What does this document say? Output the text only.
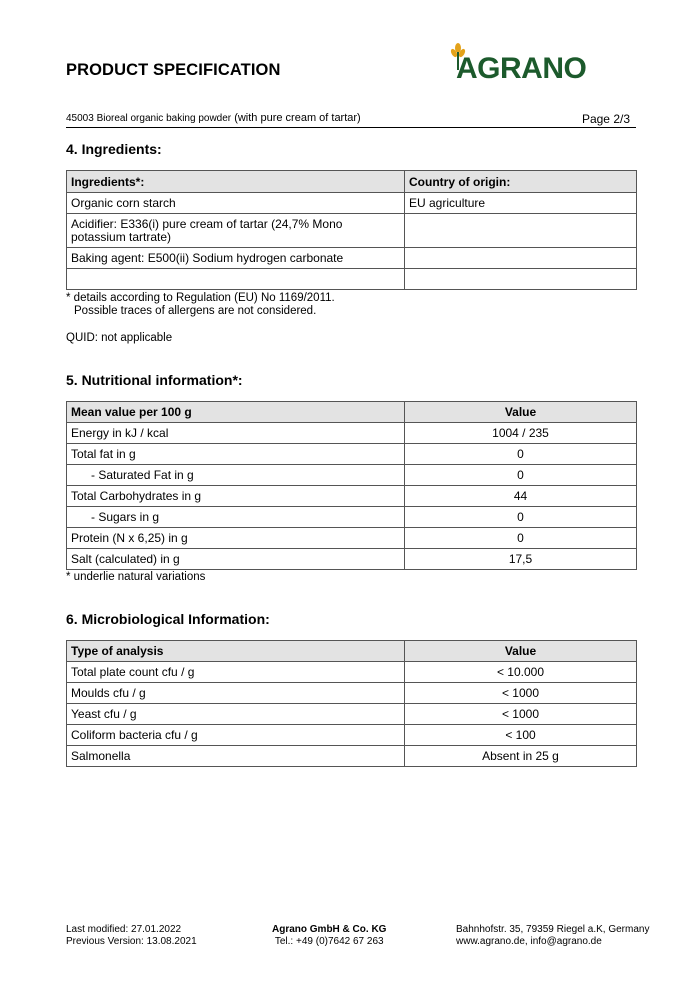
PRODUCT SPECIFICATION	AGRANO
45003 Bioreal organic baking powder (with pure cream of tartar)	Page 2/3
4. Ingredients:
Ingredients*:	Country of origin:
Organic corn starch	EU agriculture
Acidifier: E336(i) pure cream of tartar (24,7% Mono potassium tartrate)	
Baking agent: E500(ii) Sodium hydrogen carbonate	

* details according to Regulation (EU) No 1169/2011.
Possible traces of allergens are not considered.
QUID: not applicable
5. Nutritional information*:
Mean value per 100 g	Value
Energy in kJ / kcal	1004 / 235
Total fat in g	0
- Saturated Fat in g	0
Total Carbohydrates in g	44
- Sugars in g	0
Protein (N x 6,25) in g	0
Salt (calculated) in g	17,5
* underlie natural variations
6. Microbiological Information:
Type of analysis	Value
Total plate count cfu / g	< 10.000
Moulds cfu / g	< 1000
Yeast cfu / g	< 1000
Coliform bacteria cfu / g	< 100
Salmonella	Absent in 25 g
Last modified: 27.01.2022
Previous Version: 13.08.2021
Agrano GmbH & Co. KG
Tel.: +49 (0)7642 67 263
Bahnhofstr. 35, 79359 Riegel a.K, Germany
www.agrano.de, info@agrano.de
